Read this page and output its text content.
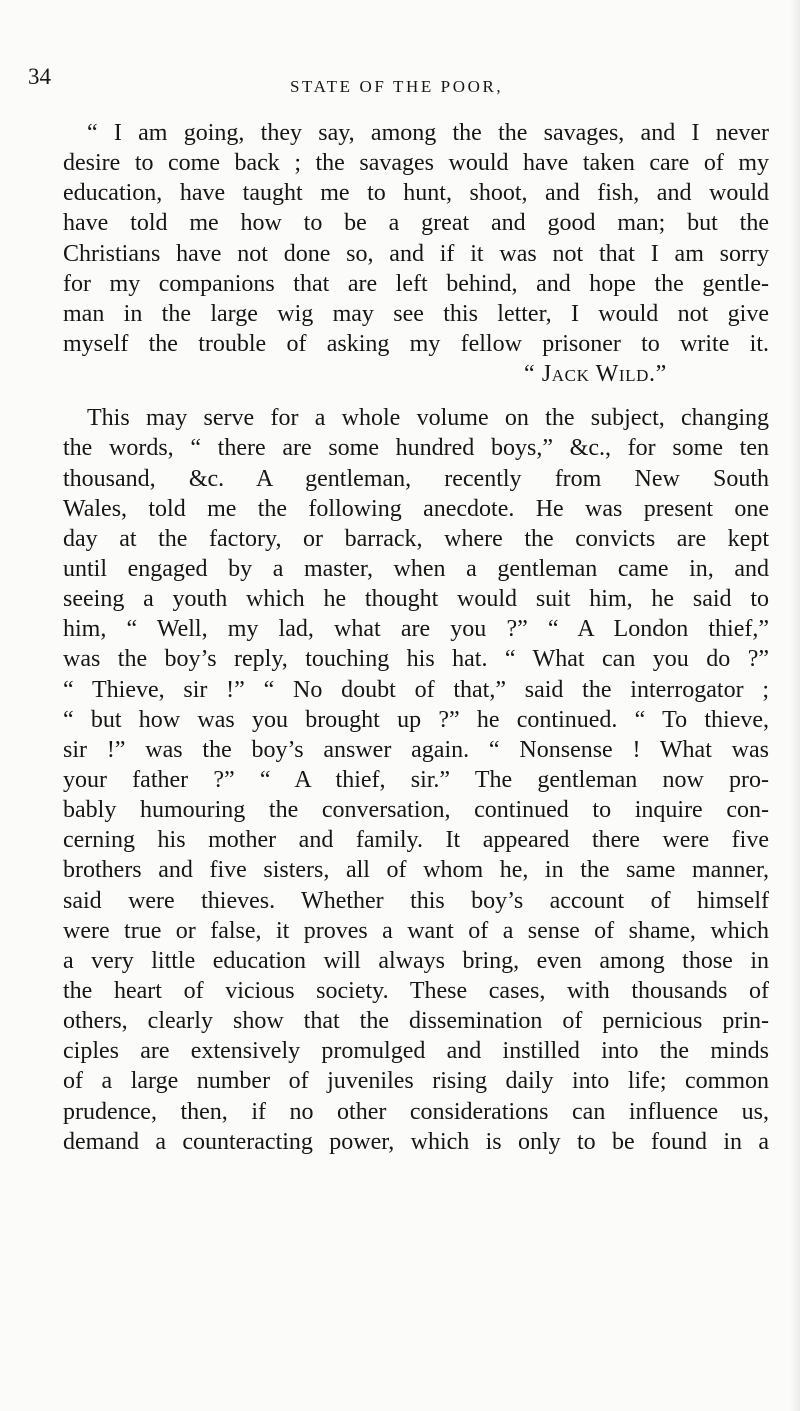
34	STATE OF THE POOR,
“ I am going, they say, among the the savages, and I never
desire to come back ; the savages would have taken care of my
education, have taught me to hunt, shoot, and fish, and would
have told me how to be a great and good man; but the
Christians have not done so, and if it was not that I am sorry
for my companions that are left behind, and hope the gentle-
man in the large wig may see this letter, I would not give
myself the trouble of asking my fellow prisoner to write it.
“ Jack Wild.”
This may serve for a whole volume on the subject, changing
the words, “ there are some hundred boys,” &c., for some ten
thousand, &c. A gentleman, recently from New South
Wales, told me the following anecdote. He was present one
day at the factory, or barrack, where the convicts are kept
until engaged by a master, when a gentleman came in, and
seeing a youth which he thought would suit him, he said to
him, “ Well, my lad, what are you ?” “ A London thief,”
was the boy’s reply, touching his hat. “ What can you do ?”
“ Thieve, sir !” “ No doubt of that,” said the interrogator ;
“ but how was you brought up ?” he continued. “ To thieve,
sir !” was the boy’s answer again. “ Nonsense ! What was
your father ?” “ A thief, sir.” The gentleman now pro-
bably humouring the conversation, continued to inquire con-
cerning his mother and family. It appeared there were five
brothers and five sisters, all of whom he, in the same manner,
said were thieves. Whether this boy’s account of himself
were true or false, it proves a want of a sense of shame, which
a very little education will always bring, even among those in
the heart of vicious society. These cases, with thousands of
others, clearly show that the dissemination of pernicious prin-
ciples are extensively promulged and instilled into the minds
of a large number of juveniles rising daily into life; common
prudence, then, if no other considerations can influence us,
demand a counteracting power, which is only to be found in a
